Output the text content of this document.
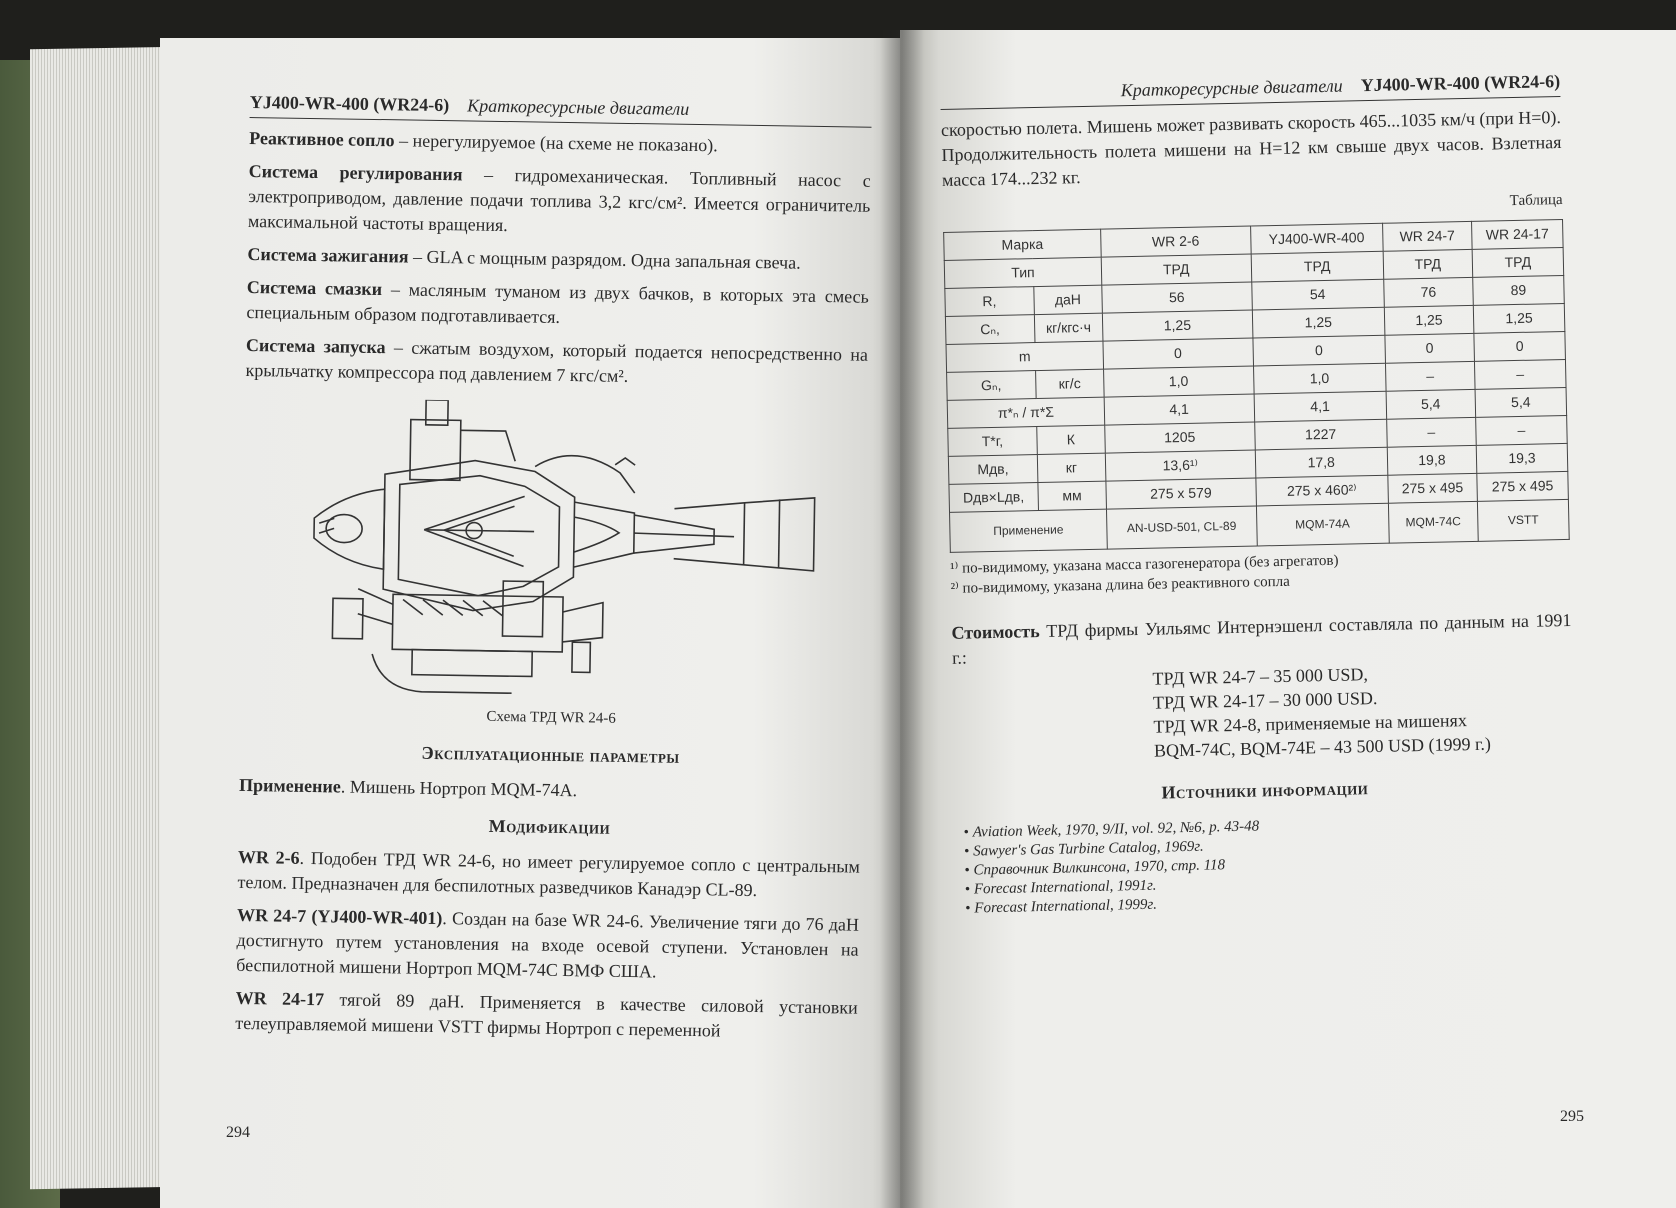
YJ400-WR-400 (WR24-6) Краткоресурсные двигатели

Реактивное сопло – нерегулируемое (на схеме не показано).

Система регулирования – гидромеханическая. Топливный насос с электроприводом, давление подачи топлива 3,2 кгс/см². Имеется ограничитель максимальной частоты вращения.

Система зажигания – GLA с мощным разрядом. Одна запальная свеча.

Система смазки – масляным туманом из двух бачков, в которых эта смесь специальным образом подготавливается.

Система запуска – сжатым воздухом, который подается непосредственно на крыльчатку компрессора под давлением 7 кгс/см².

Схема ТРД WR 24-6
Эксплуатационные параметры

Применение. Мишень Нортроп MQM-74A.

Модификации

WR 2-6. Подобен ТРД WR 24-6, но имеет регулируемое сопло с центральным телом. Предназначен для беспилотных разведчиков Канадэр CL-89.

WR 24-7 (YJ400-WR-401). Создан на базе WR 24-6. Увеличение тяги до 76 даН достигнуто путем установления на входе осевой ступени. Установлен на беспилотной мишени Нортроп MQM-74C ВМФ США.

WR 24-17 тягой 89 даН. Применяется в качестве силовой установки телеуправляемой мишени VSTT фирмы Нортроп с переменной

294
Краткоресурсные двигатели YJ400-WR-400 (WR24-6)

скоростью полета. Мишень может развивать скорость 465...1035 км/ч (при H=0). Продолжительность полета мишени на H=12 км свыше двух часов. Взлетная масса 174...232 кг.

Таблица
Марка		WR 2-6	YJ400-WR-400	WR 24-7	WR 24-17
Тип		ТРД	ТРД	ТРД	ТРД
R,	даН	56	54	76	89
Cₙ,	кг/кгс·ч	1,25	1,25	1,25	1,25
m		0	0	0	0
Gₙ,	кг/с	1,0	1,0	–	–
π*ₙ / π*Σ		4,1	4,1	5,4	5,4
T*г,	К	1205	1227	–	–
Mдв,	кг	13,6¹⁾	17,8	19,8	19,3
Dдв×Lдв,	мм	275 x 579	275 x 460²⁾	275 x 495	275 x 495
Применение		AN-USD-501, CL-89	MQM-74A	MQM-74C	VSTT
¹⁾ по-видимому, указана масса газогенератора (без агрегатов)
²⁾ по-видимому, указана длина без реактивного сопла

Стоимость ТРД фирмы Уильямс Интернэшенл составляла по данным на 1991 г.:

ТРД WR 24-7 – 35 000 USD,
ТРД WR 24-17 – 30 000 USD.
ТРД WR 24-8, применяемые на мишенях
BQM-74C, BQM-74E – 43 500 USD (1999 г.)
Источники информации
• Aviation Week, 1970, 9/II, vol. 92, №6, p. 43-48
• Sawyer's Gas Turbine Catalog, 1969г.
• Справочник Вилкинсона, 1970, стр. 118
• Forecast International, 1991г.
• Forecast International, 1999г.
295
